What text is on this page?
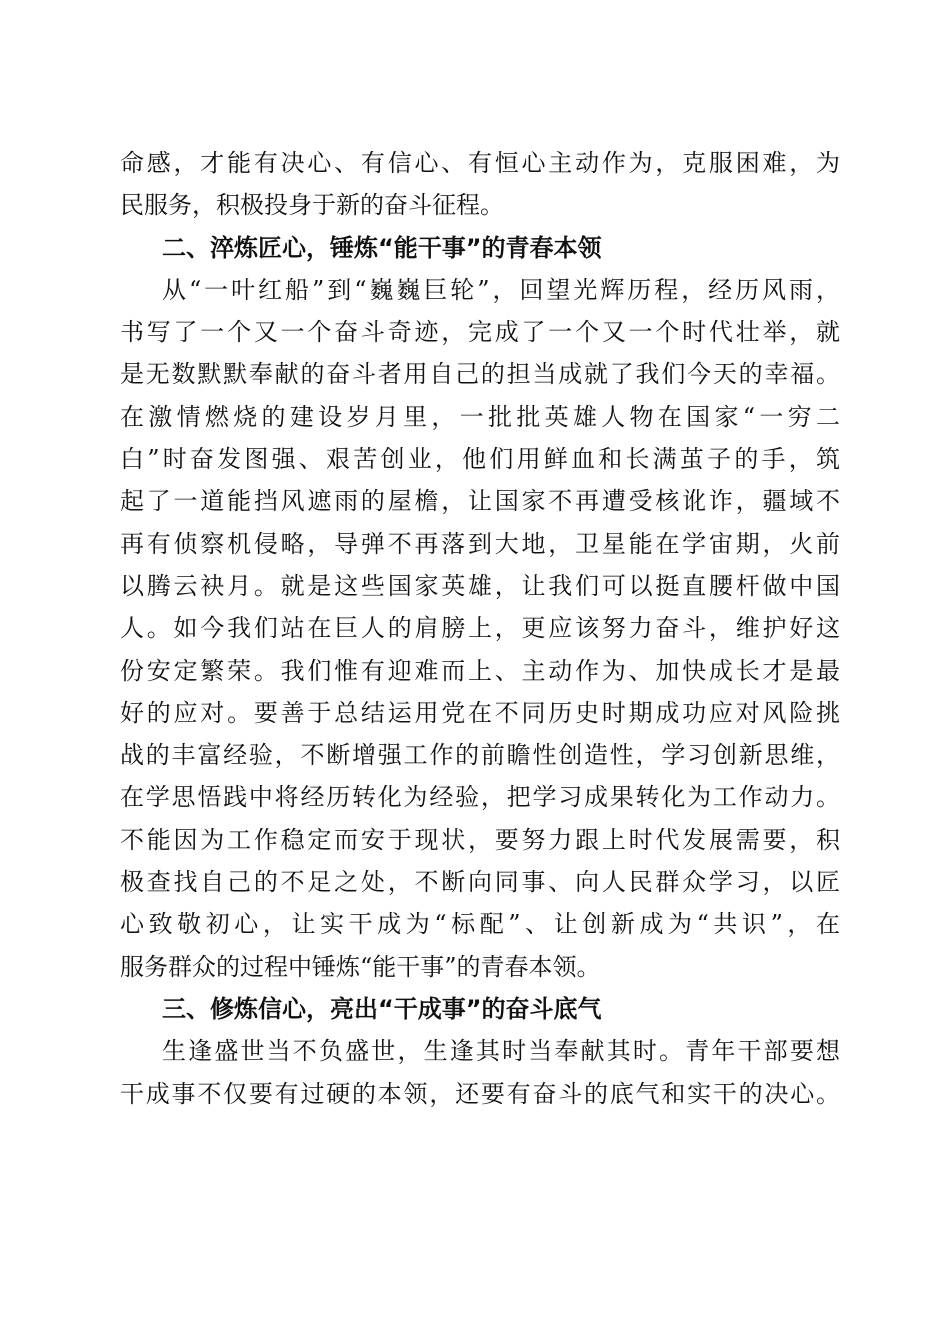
命感，才能有决心、有信心、有恒心主动作为，克服困难，为
民服务，积极投身于新的奋斗征程。
二、淬炼匠心，锤炼“能干事”的青春本领
从“一叶红船”到“巍巍巨轮”，回望光辉历程，经历风雨，
书写了一个又一个奋斗奇迹，完成了一个又一个时代壮举，就
是无数默默奉献的奋斗者用自己的担当成就了我们今天的幸福。
在激情燃烧的建设岁月里，一批批英雄人物在国家“一穷二
白”时奋发图强、艰苦创业，他们用鲜血和长满茧子的手，筑
起了一道能挡风遮雨的屋檐，让国家不再遭受核讹诈，疆域不
再有侦察机侵略，导弹不再落到大地，卫星能在学宙期，火前
以腾云袂月。就是这些国家英雄，让我们可以挺直腰杆做中国
人。如今我们站在巨人的肩膀上，更应该努力奋斗，维护好这
份安定繁荣。我们惟有迎难而上、主动作为、加快成长才是最
好的应对。要善于总结运用党在不同历史时期成功应对风险挑
战的丰富经验，不断增强工作的前瞻性创造性，学习创新思维，
在学思悟践中将经历转化为经验，把学习成果转化为工作动力。
不能因为工作稳定而安于现状，要努力跟上时代发展需要，积
极查找自己的不足之处，不断向同事、向人民群众学习，以匠
心致敬初心，让实干成为“标配”、让创新成为“共识”，在
服务群众的过程中锤炼“能干事”的青春本领。
三、修炼信心，亮出“干成事”的奋斗底气
生逢盛世当不负盛世，生逢其时当奉献其时。青年干部要想
干成事不仅要有过硬的本领，还要有奋斗的底气和实干的决心。
